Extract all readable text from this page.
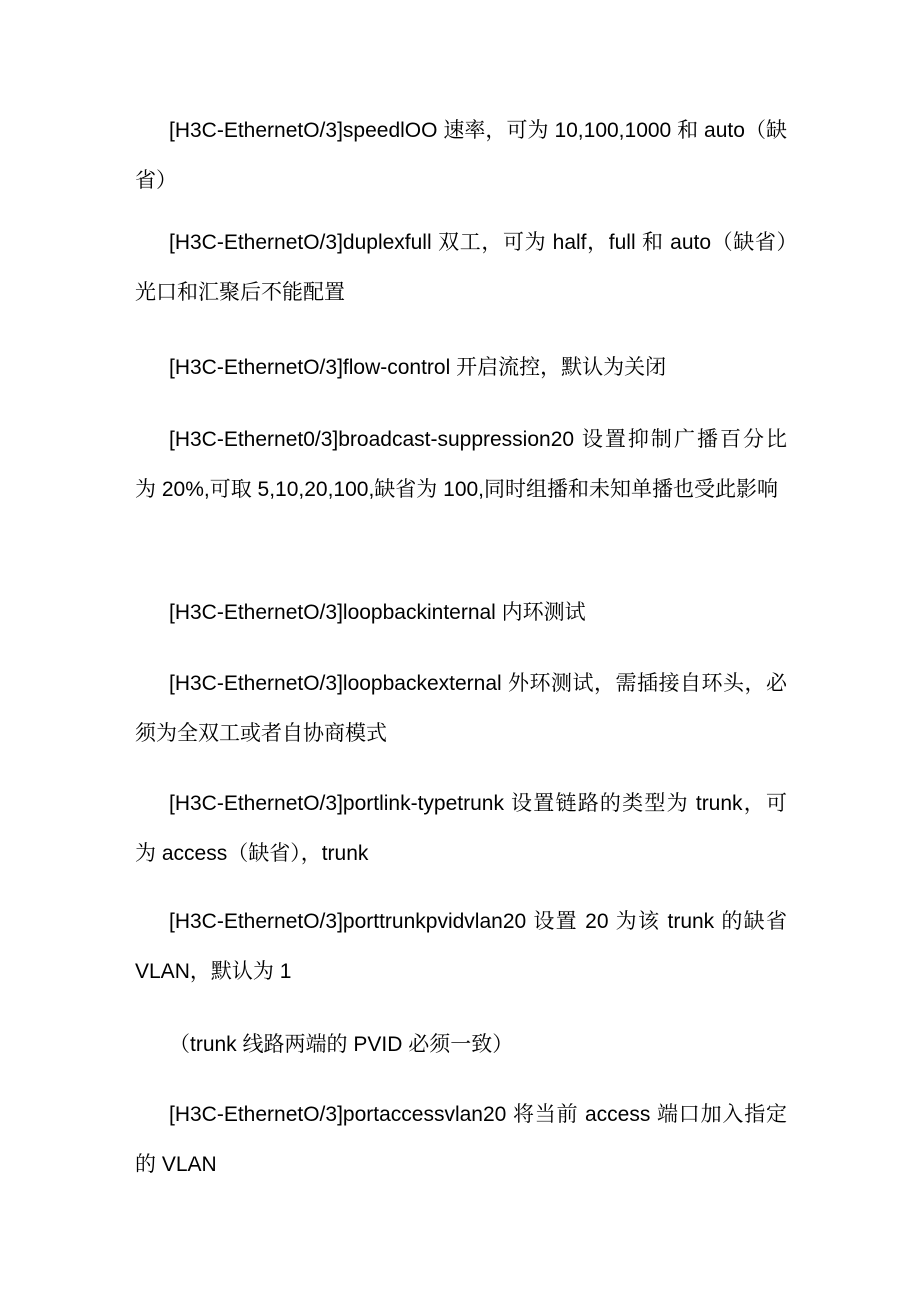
[H3C-EthernetO/3]speedlOO 速率，可为 10,100,1000 和 auto（缺省）

[H3C-EthernetO/3]duplexfull 双工，可为 half，full 和 auto（缺省）光口和汇聚后不能配置

[H3C-EthernetO/3]flow-control 开启流控，默认为关闭

[H3C-Ethernet0/3]broadcast-suppression20 设置抑制广播百分比为 20%,可取 5,10,20,100,缺省为 100,同时组播和未知单播也受此影响

[H3C-EthernetO/3]loopbackinternal 内环测试

[H3C-EthernetO/3]loopbackexternal 外环测试，需插接自环头，必须为全双工或者自协商模式

[H3C-EthernetO/3]portlink-typetrunk 设置链路的类型为 trunk，可为 access（缺省），trunk

[H3C-EthernetO/3]porttrunkpvidvlan20 设置 20 为该 trunk 的缺省 VLAN，默认为 1

（trunk 线路两端的 PVID 必须一致）

[H3C-EthernetO/3]portaccessvlan20 将当前 access 端口加入指定的 VLAN
